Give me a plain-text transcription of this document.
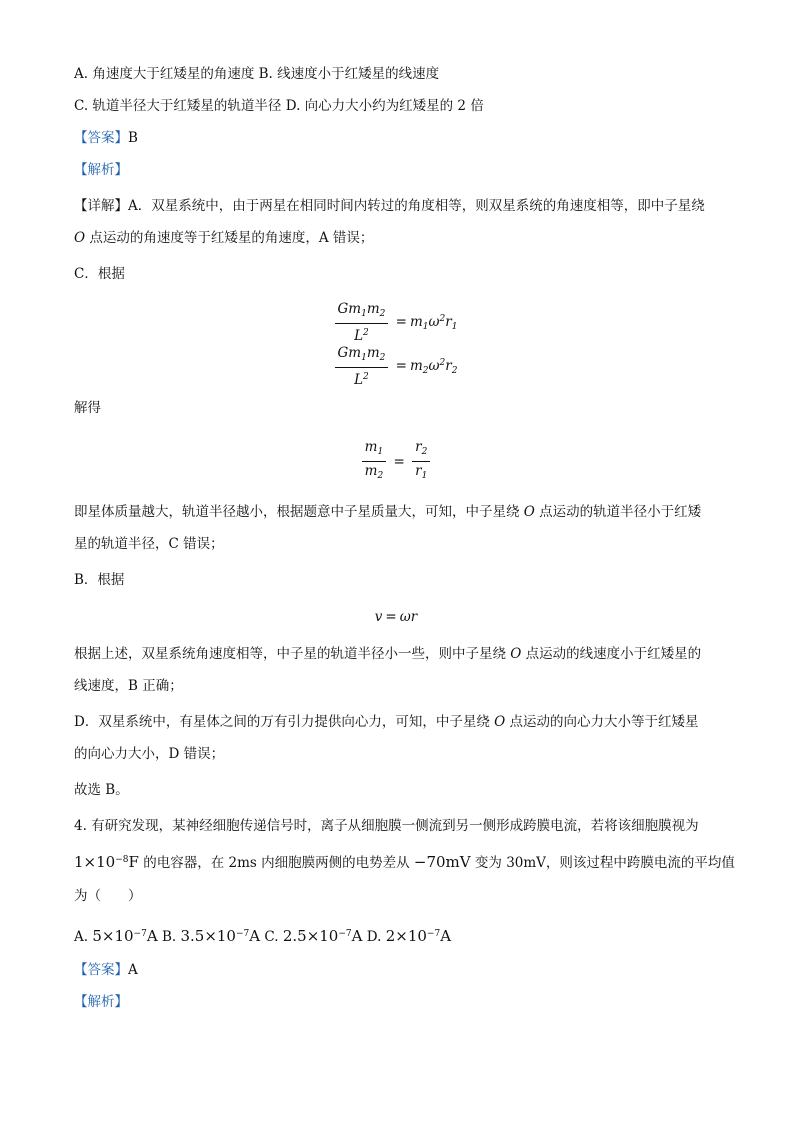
A. 角速度大于红矮星的角速度 B. 线速度小于红矮星的线速度
C. 轨道半径大于红矮星的轨道半径 D. 向心力大小约为红矮星的 2 倍
【答案】B
【解析】
【详解】A．双星系统中，由于两星在相同时间内转过的角度相等，则双星系统的角速度相等，即中子星绕
O 点运动的角速度等于红矮星的角速度，A 错误；
C．根据
$\frac{Gm_1m_2}{L^2} = m_1\omega^2r_1$
$\frac{Gm_1m_2}{L^2} = m_2\omega^2r_2$
解得
$\frac{m_1}{m_2} = \frac{r_2}{r_1}$
即星体质量越大，轨道半径越小，根据题意中子星质量大，可知，中子星绕 O 点运动的轨道半径小于红矮
星的轨道半径，C 错误；
B．根据
v = ωr
根据上述，双星系统角速度相等，中子星的轨道半径小一些，则中子星绕 O 点运动的线速度小于红矮星的
线速度，B 正确；
D．双星系统中，有星体之间的万有引力提供向心力，可知，中子星绕 O 点运动的向心力大小等于红矮星
的向心力大小，D 错误；
故选 B。
4. 有研究发现，某神经细胞传递信号时，离子从细胞膜一侧流到另一侧形成跨膜电流，若将该细胞膜视为
$1\times 10^{-8}F$ 的电容器，在 2ms 内细胞膜两侧的电势差从 −70mV 变为 30mV，则该过程中跨膜电流的平均值
为（　　）
A. $5\times 10^{-7}A$ B. $3.5\times 10^{-7}A$ C. $2.5\times 10^{-7}A$ D. $2\times 10^{-7}A$
【答案】A
【解析】
